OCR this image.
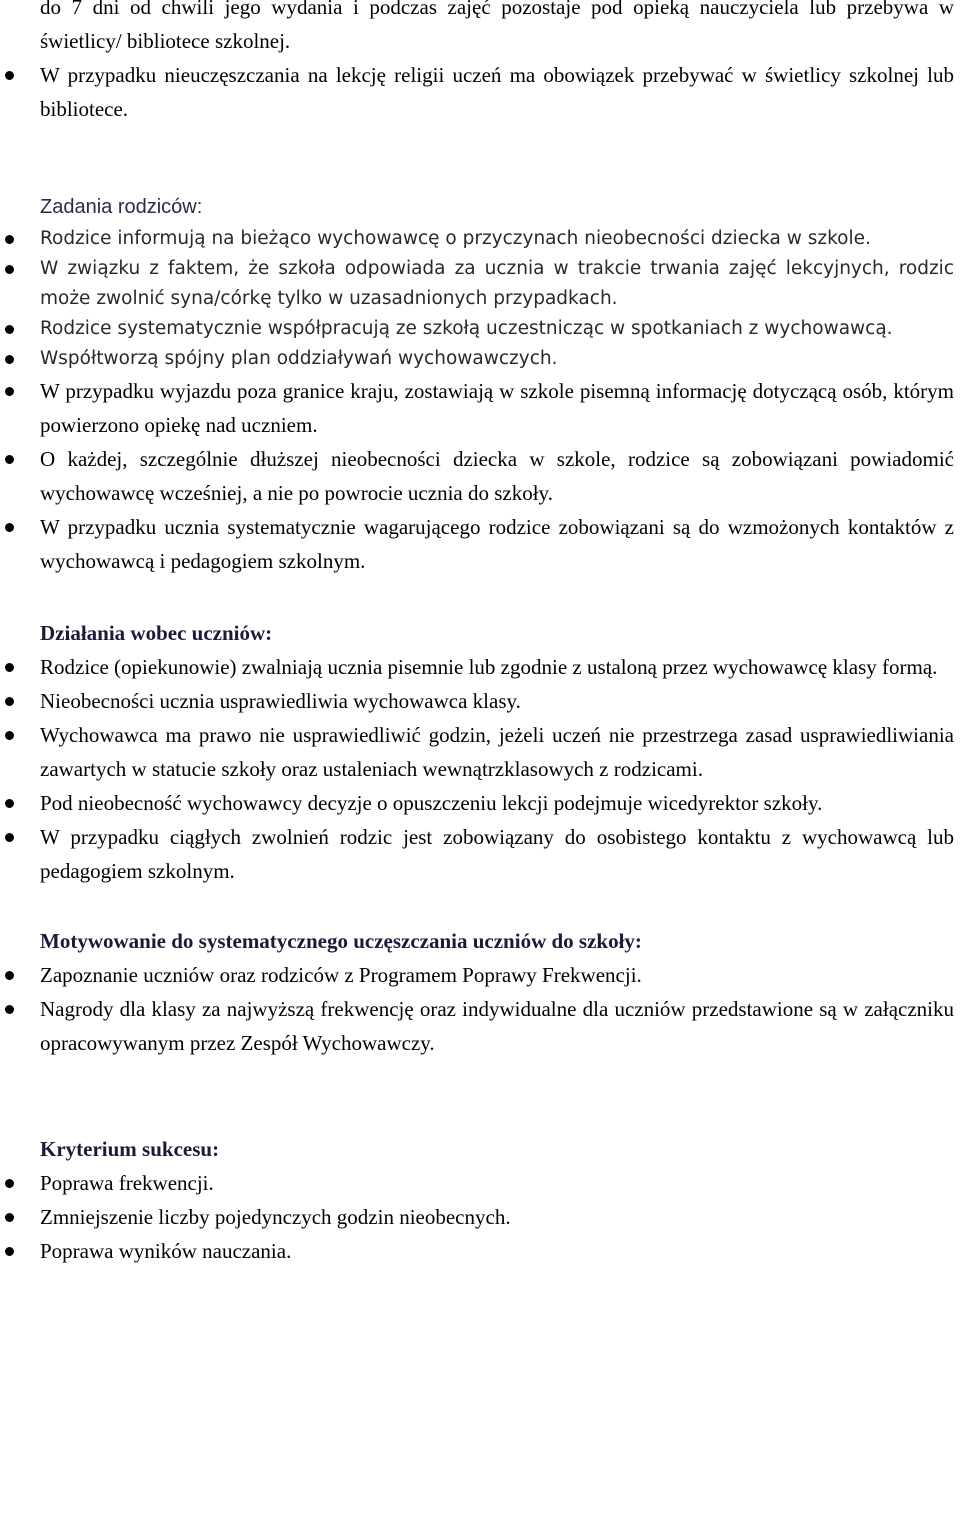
do 7 dni od chwili jego wydania i podczas zajęć pozostaje pod opieką nauczyciela lub przebywa w świetlicy/ bibliotece szkolnej.

W przypadku nieuczęszczania na lekcję religii uczeń ma obowiązek przebywać w świetlicy szkolnej lub bibliotece.
Zadania rodziców:
Rodzice informują na bieżąco wychowawcę o przyczynach nieobecności dziecka w szkole.
W związku z faktem, że szkoła odpowiada za ucznia w trakcie trwania zajęć lekcyjnych, rodzic może zwolnić syna/córkę tylko w uzasadnionych przypadkach.
Rodzice systematycznie współpracują ze szkołą uczestnicząc w spotkaniach z wychowawcą.
Współtworzą spójny plan oddziaływań wychowawczych.
W przypadku wyjazdu poza granice kraju, zostawiają w szkole pisemną informację dotyczącą osób, którym powierzono opiekę nad uczniem.
O każdej, szczególnie dłuższej nieobecności dziecka w szkole, rodzice są zobowiązani powiadomić wychowawcę wcześniej, a nie po powrocie ucznia do szkoły.
W przypadku ucznia systematycznie wagarującego rodzice zobowiązani są do wzmożonych kontaktów z wychowawcą i pedagogiem szkolnym.
Działania wobec uczniów:
Rodzice (opiekunowie) zwalniają ucznia pisemnie lub zgodnie z ustaloną przez wychowawcę klasy formą.
Nieobecności ucznia usprawiedliwia wychowawca klasy.
Wychowawca ma prawo nie usprawiedliwić godzin, jeżeli uczeń nie przestrzega zasad usprawiedliwiania zawartych w statucie szkoły oraz ustaleniach wewnątrzklasowych z rodzicami.
Pod nieobecność wychowawcy decyzje o opuszczeniu lekcji podejmuje wicedyrektor szkoły.
W przypadku ciągłych zwolnień rodzic jest zobowiązany do osobistego kontaktu z wychowawcą lub pedagogiem szkolnym.
Motywowanie do systematycznego uczęszczania uczniów do szkoły:
Zapoznanie uczniów oraz rodziców z Programem Poprawy Frekwencji.
Nagrody dla klasy za najwyższą frekwencję oraz indywidualne dla uczniów przedstawione są w załączniku opracowywanym przez Zespół Wychowawczy.
Kryterium sukcesu:
Poprawa frekwencji.
Zmniejszenie liczby pojedynczych godzin nieobecnych.
Poprawa wyników nauczania.
